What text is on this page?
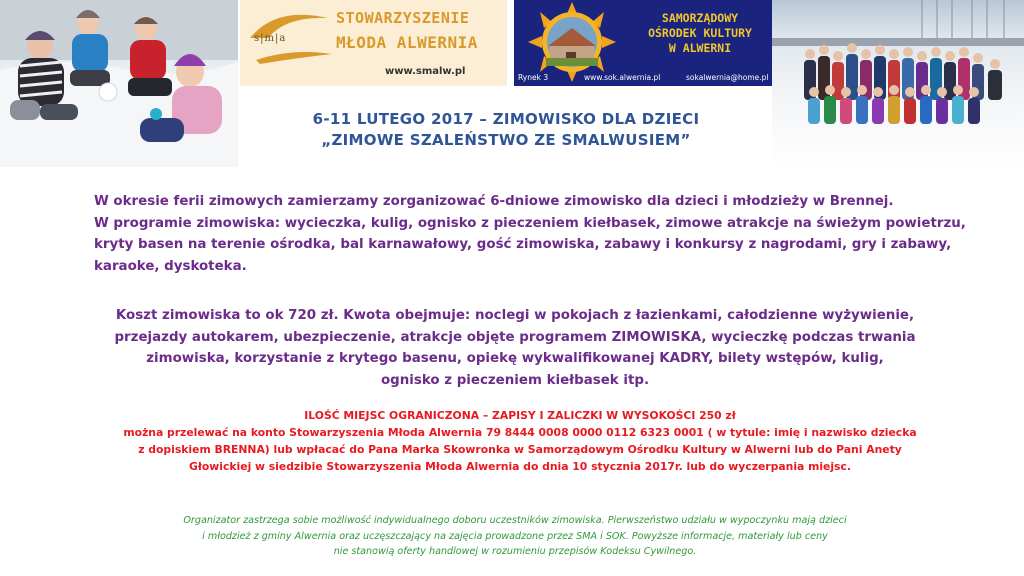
s|m|a
STOWARZYSZENIE
MŁODA ALWERNIA
www.smalw.pl
SAMORZĄDOWY
OŚRODEK KULTURY
W ALWERNI
Rynek 3	www.sok.alwernia.pl	sokalwernia@home.pl
6-11 LUTEGO 2017 – ZIMOWISKO DLA DZIECI
„ZIMOWE SZALEŃSTWO ZE SMALWUSIEM”
W okresie ferii zimowych zamierzamy zorganizować 6-dniowe zimowisko dla dzieci i młodzieży w Brennej.
W programie zimowiska: wycieczka, kulig, ognisko z pieczeniem kiełbasek, zimowe atrakcje na świeżym powietrzu,
kryty basen na terenie ośrodka, bal karnawałowy, gość zimowiska, zabawy i konkursy z nagrodami, gry i zabawy,
karaoke, dyskoteka.
Koszt zimowiska to ok 720 zł. Kwota obejmuje: noclegi w pokojach z łazienkami, całodzienne wyżywienie,
przejazdy autokarem, ubezpieczenie, atrakcje objęte programem ZIMOWISKA, wycieczkę podczas trwania
zimowiska, korzystanie z krytego basenu, opiekę wykwalifikowanej KADRY, bilety wstępów, kulig,
ognisko z pieczeniem kiełbasek itp.
ILOŚĆ MIEJSC OGRANICZONA – ZAPISY I ZALICZKI W WYSOKOŚCI 250 zł
można przelewać na konto Stowarzyszenia Młoda Alwernia 79 8444 0008 0000 0112 6323 0001 ( w tytule: imię i nazwisko dziecka
z dopiskiem BRENNA) lub wpłacać do Pana Marka Skowronka w Samorządowym Ośrodku Kultury w Alwerni lub do Pani Anety
Głowickiej w siedzibie Stowarzyszenia Młoda Alwernia do dnia 10 stycznia 2017r. lub do wyczerpania miejsc.
Organizator zastrzega sobie możliwość indywidualnego doboru uczestników zimowiska. Pierwszeństwo udziału w wypoczynku mają dzieci
i młodzież z gminy Alwernia oraz uczęszczający na zajęcia prowadzone przez SMA i SOK. Powyższe informacje, materiały lub ceny
nie stanowią oferty handlowej w rozumieniu przepisów Kodeksu Cywilnego.
